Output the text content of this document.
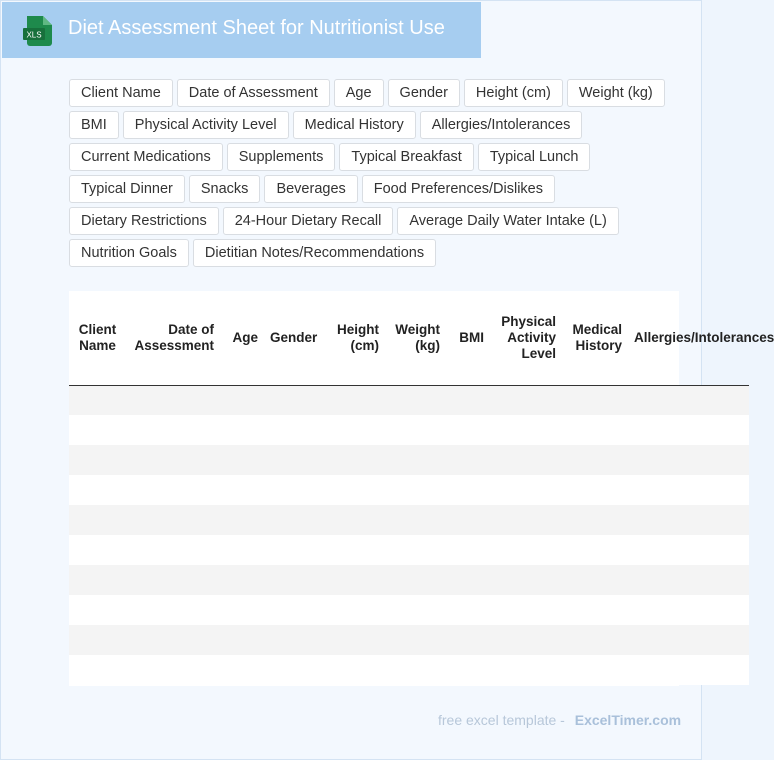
XLS Diet Assessment Sheet for Nutritionist Use
Client Name	Date of Assessment	Age	Gender	Height (cm)	Weight (kg)
BMI	Physical Activity Level	Medical History	Allergies/Intolerances
Current Medications	Supplements	Typical Breakfast	Typical Lunch
Typical Dinner	Snacks	Beverages	Food Preferences/Dislikes
Dietary Restrictions	24-Hour Dietary Recall	Average Daily Water Intake (L)
Nutrition Goals	Dietitian Notes/Recommendations
Client Name	Date of Assessment	Age	Gender	Height (cm)	Weight (kg)	BMI	Physical Activity Level	Medical History	Allergies/Intolerances

free excel template - ExcelTimer.com
